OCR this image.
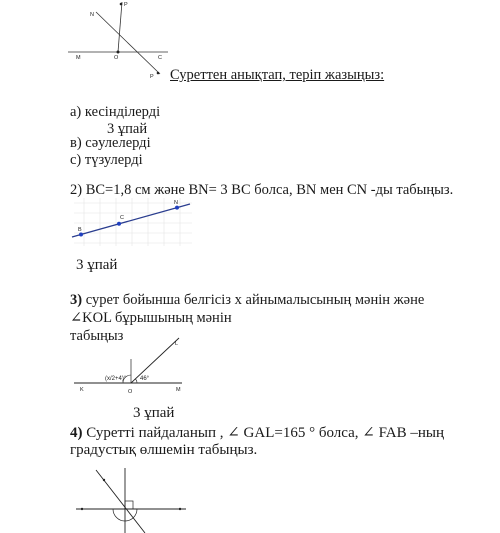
N
P
M	O	C
P Суреттен анықтап, теріп жазыңыз:
а) кесінділерді
3 ұпай
в) сәулелерді
с) түзулерді
2) BC=1,8 см және BN= 3 BC болса, BN мен CN -ды табыңыз.
B
C
N
3 ұпай
3) сурет бойынша белгісіз x айнымалысының мәнін және
∠KOL бұрышының мәнін
табыңыз
K	M
O
L
(x/2+4)° 46°
3 ұпай
4) Суретті пайдаланып , ∠ GAL=165 ° болса, ∠ FAB –ның
градустық өлшемін табыңыз.
